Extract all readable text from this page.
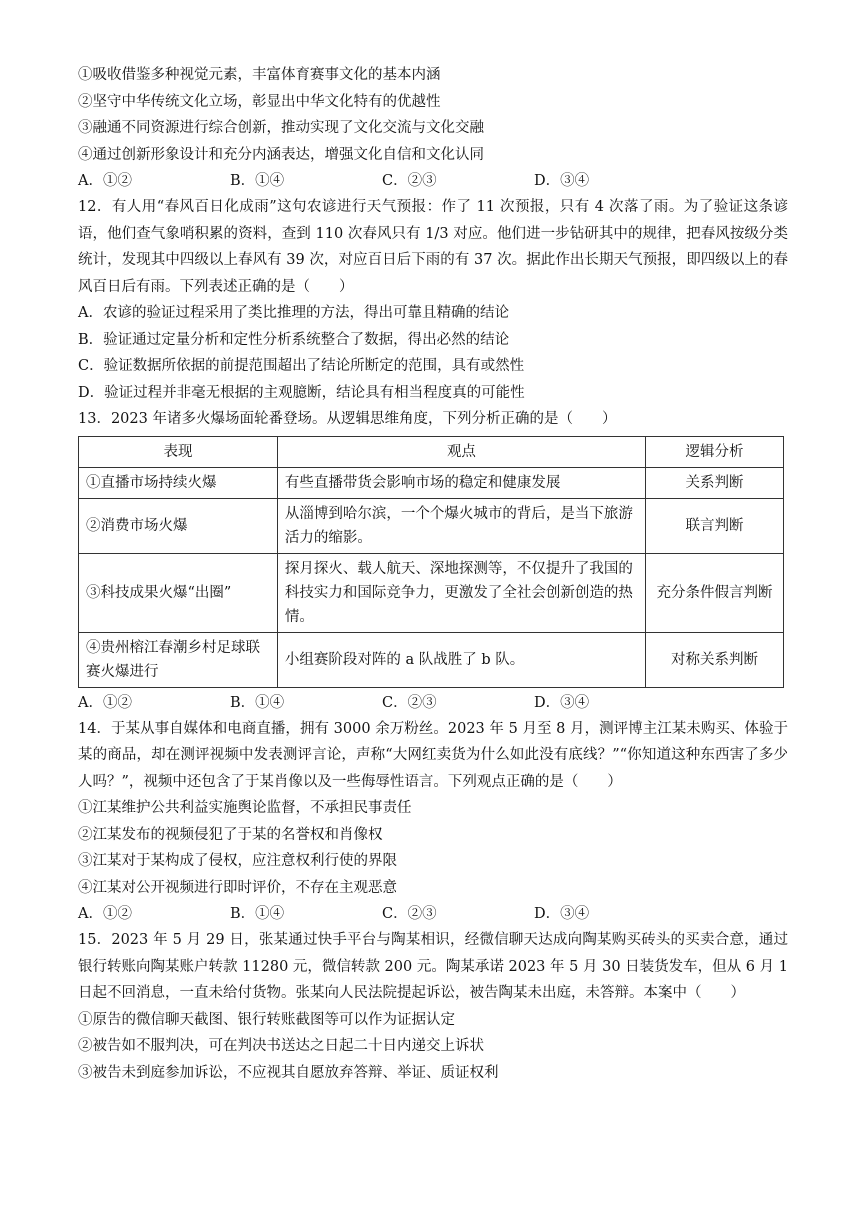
①吸收借鉴多种视觉元素，丰富体育赛事文化的基本内涵
②坚守中华传统文化立场，彰显出中华文化特有的优越性
③融通不同资源进行综合创新，推动实现了文化交流与文化交融
④通过创新形象设计和充分内涵表达，增强文化自信和文化认同
A．①②	B．①④	C．②③	D．③④
12．有人用“春风百日化成雨”这句农谚进行天气预报：作了 11 次预报，只有 4 次落了雨。为了验证这条谚语，他们查气象哨积累的资料，查到 110 次春风只有 1/3 对应。他们进一步钻研其中的规律，把春风按级分类统计，发现其中四级以上春风有 39 次，对应百日后下雨的有 37 次。据此作出长期天气预报，即四级以上的春风百日后有雨。下列表述正确的是（　　）
A．农谚的验证过程采用了类比推理的方法，得出可靠且精确的结论
B．验证通过定量分析和定性分析系统整合了数据，得出必然的结论
C．验证数据所依据的前提范围超出了结论所断定的范围，具有或然性
D．验证过程并非毫无根据的主观臆断，结论具有相当程度真的可能性
13．2023 年诸多火爆场面轮番登场。从逻辑思维角度，下列分析正确的是（　　）
表现	观点	逻辑分析
①直播市场持续火爆	有些直播带货会影响市场的稳定和健康发展	关系判断
②消费市场火爆	从淄博到哈尔滨，一个个爆火城市的背后，是当下旅游活力的缩影。	联言判断
③科技成果火爆“出圈”	探月探火、载人航天、深地探测等，不仅提升了我国的科技实力和国际竞争力，更激发了全社会创新创造的热情。	充分条件假言判断
④贵州榕江春潮乡村足球联赛火爆进行	小组赛阶段对阵的 a 队战胜了 b 队。	对称关系判断
A．①②	B．①④	C．②③	D．③④
14．于某从事自媒体和电商直播，拥有 3000 余万粉丝。2023 年 5 月至 8 月，测评博主江某未购买、体验于某的商品，却在测评视频中发表测评言论，声称“大网红卖货为什么如此没有底线？”“你知道这种东西害了多少人吗？”，视频中还包含了于某肖像以及一些侮辱性语言。下列观点正确的是（　　）
①江某维护公共利益实施舆论监督，不承担民事责任
②江某发布的视频侵犯了于某的名誉权和肖像权
③江某对于某构成了侵权，应注意权利行使的界限
④江某对公开视频进行即时评价，不存在主观恶意
A．①②	B．①④	C．②③	D．③④
15．2023 年 5 月 29 日，张某通过快手平台与陶某相识，经微信聊天达成向陶某购买砖头的买卖合意，通过银行转账向陶某账户转款 11280 元，微信转款 200 元。陶某承诺 2023 年 5 月 30 日装货发车，但从 6 月 1 日起不回消息，一直未给付货物。张某向人民法院提起诉讼，被告陶某未出庭，未答辩。本案中（　　）
①原告的微信聊天截图、银行转账截图等可以作为证据认定
②被告如不服判决，可在判决书送达之日起二十日内递交上诉状
③被告未到庭参加诉讼，不应视其自愿放弃答辩、举证、质证权利
